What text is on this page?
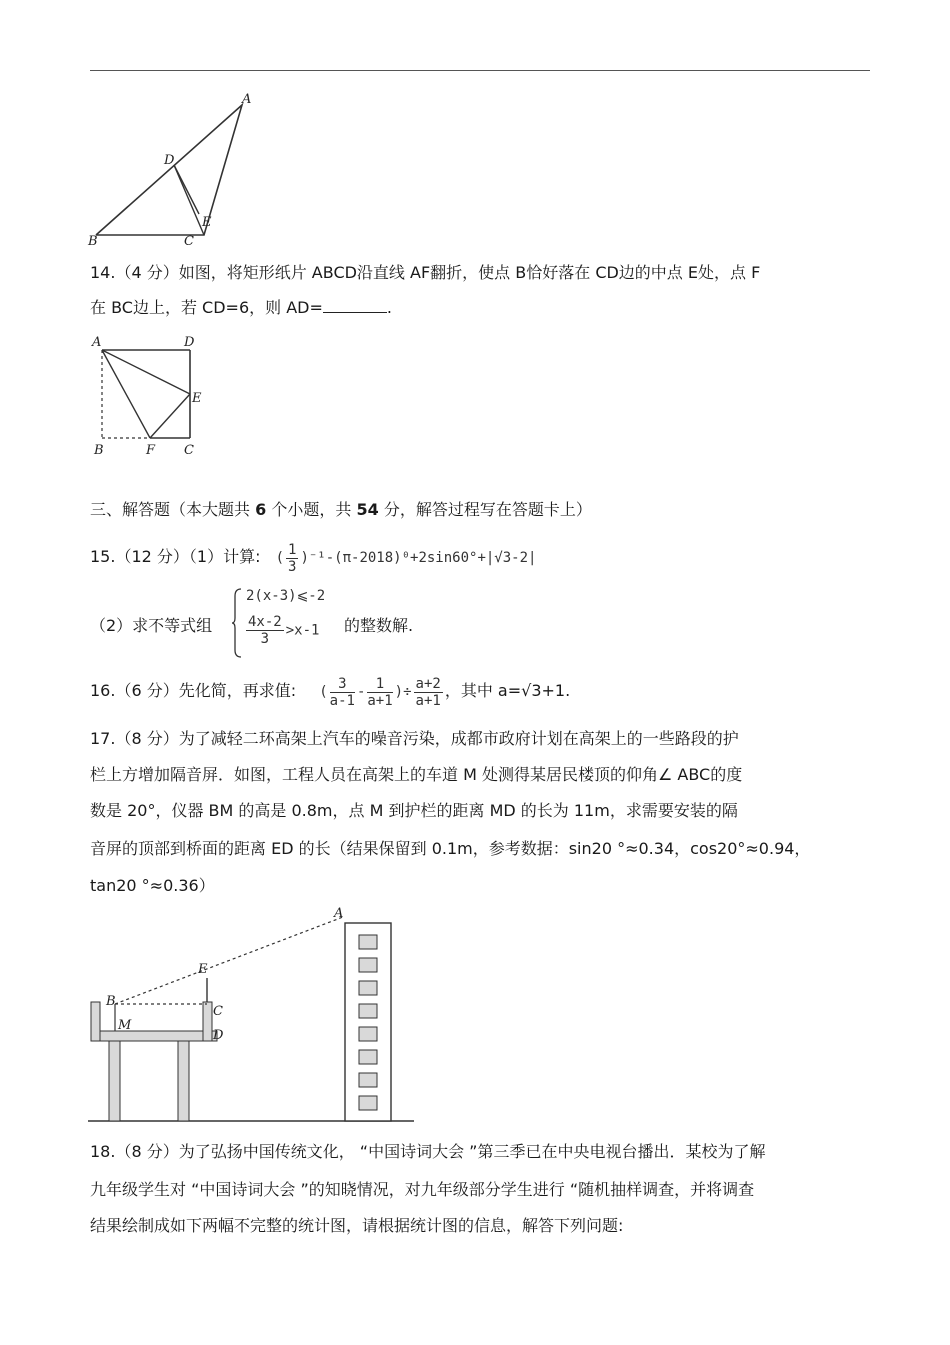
A
D
E
B	C
14.（4 分）如图，将矩形纸片 ABCD沿直线 AF翻折，使点 B恰好落在 CD边的中点 E处，点 F
在 BC边上，若 CD=6，则 AD=	.
A	D
E
B	F C
三、解答题（本大题共 6 个小题，共 54 分，解答过程写在答题卡上）
15.（12 分）（1）计算: ( $\frac{1}{3} )^{-1}-(\pi-2018)^0+2\sin 60^\circ+|√3-2|$
（2）求不等式组
2(x-3)⩽-2
$\frac{4x-2}{3} >x-1$ 的整数解.
16.（6 分）先化简，再求值: ( $\frac{3}{a-1} - \frac{1}{a+1}$ )÷ $\frac{a+2}{a+1}$ ，其中 a=√3+1.
17.（8 分）为了减轻二环高架上汽车的噪音污染，成都市政府计划在高架上的一些路段的护
栏上方增加隔音屏．如图，工程人员在高架上的车道 M 处测得某居民楼顶的仰角∠ ABC的度
数是 20°，仪器 BM 的高是 0.8m，点 M 到护栏的距离 MD 的长为 11m，求需要安装的隔
音屏的顶部到桥面的距离 ED 的长（结果保留到 0.1m，参考数据：sin20 °≈0.34，cos20°≈0.94，
tan20 °≈0.36）
A
E
B
M
C
D
18.（8 分）为了弘扬中国传统文化， “中国诗词大会 ”第三季已在中央电视台播出．某校为了解
九年级学生对 “中国诗词大会 ”的知晓情况，对九年级部分学生进行 “随机抽样调查，并将调查
结果绘制成如下两幅不完整的统计图，请根据统计图的信息，解答下列问题:
